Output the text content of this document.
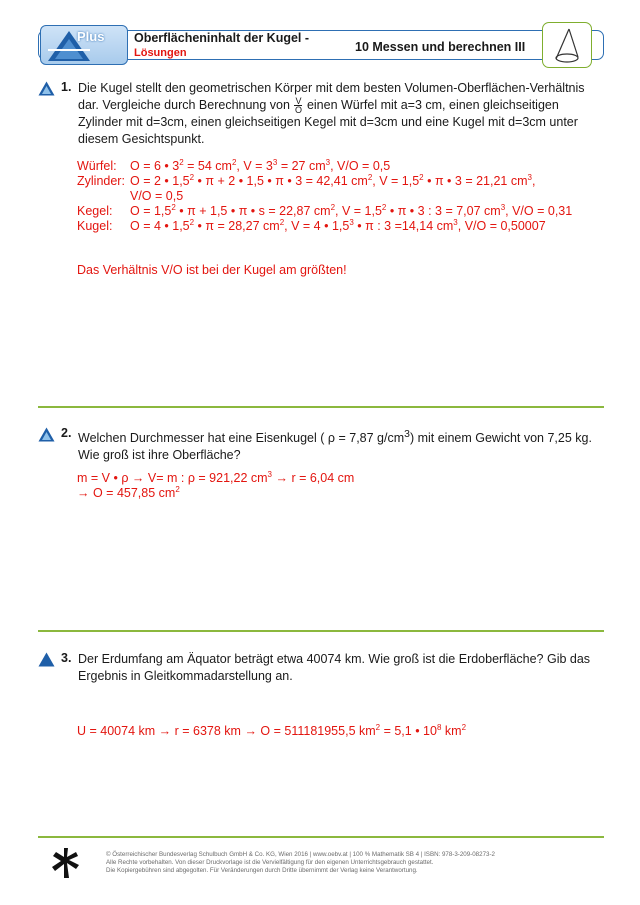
Plus Oberflächeninhalt der Kugel -
Lösungen	10 Messen und berechnen III
1. Die Kugel stellt den geometrischen Körper mit dem besten Volumen-Oberflächen-Verhältnis
dar. Vergleiche durch Berechnung von $\frac{V}{O}$ einen Würfel mit a=3 cm, einen gleichseitigen
Zylinder mit d=3cm, einen gleichseitigen Kegel mit d=3cm und eine Kugel mit d=3cm unter
diesem Gesichtspunkt.
Würfel: O = 6 • $3^2 = 54$ $cm^2$, $V = 3^3 = 27$ $cm^3$, V/O = 0,5
Zylinder: O = 2 • $1,5^2$ • π + 2 • 1,5 • π • 3 = 42,41 $cm^2$, $V = 1,5^2$ • π • 3 = 21,21 $cm^3$,
V/O = 0,5
Kegel: $O = 1,5^2$ • π + 1,5 • π • s = 22,87 $cm^2$, $V = 1,5^2$ • π • 3 : 3 = 7,07 $cm^3$, V/O = 0,31
Kugel: O = 4 • $1,5^2$ • π = 28,27 $cm^2$, V = 4 • $1,5^3$ • π : 3 =14,14 $cm^3$, V/O = 0,50007
Das Verhältnis V/O ist bei der Kugel am größten!
2. Welchen Durchmesser hat eine Eisenkugel ( ρ = 7,87 $g/cm^3$) mit einem Gewicht von 7,25 kg.
Wie groß ist ihre Oberfläche?
m = V • ρ → V= m : ρ = 921,22 $cm^3 \to r = 6,04$ cm
→ O = 457,85 $cm^2$
3. Der Erdumfang am Äquator beträgt etwa 40074 km. Wie groß ist die Erdoberfläche? Gib das
Ergebnis in Gleitkommadarstellung an.
U = 40074 km → r = 6378 km → O = 511181955,5 $km^2 = 5,1$ • $10^8$ $km^2$
© Österreichischer Bundesverlag Schulbuch GmbH & Co. KG, Wien 2016 | www.oebv.at | 100 % Mathematik SB 4 | ISBN: 978-3-209-08273-2
Alle Rechte vorbehalten. Von dieser Druckvorlage ist die Vervielfältigung für den eigenen Unterrichtsgebrauch gestattet.
Die Kopiergebühren sind abgegolten. Für Veränderungen durch Dritte übernimmt der Verlag keine Verantwortung.
